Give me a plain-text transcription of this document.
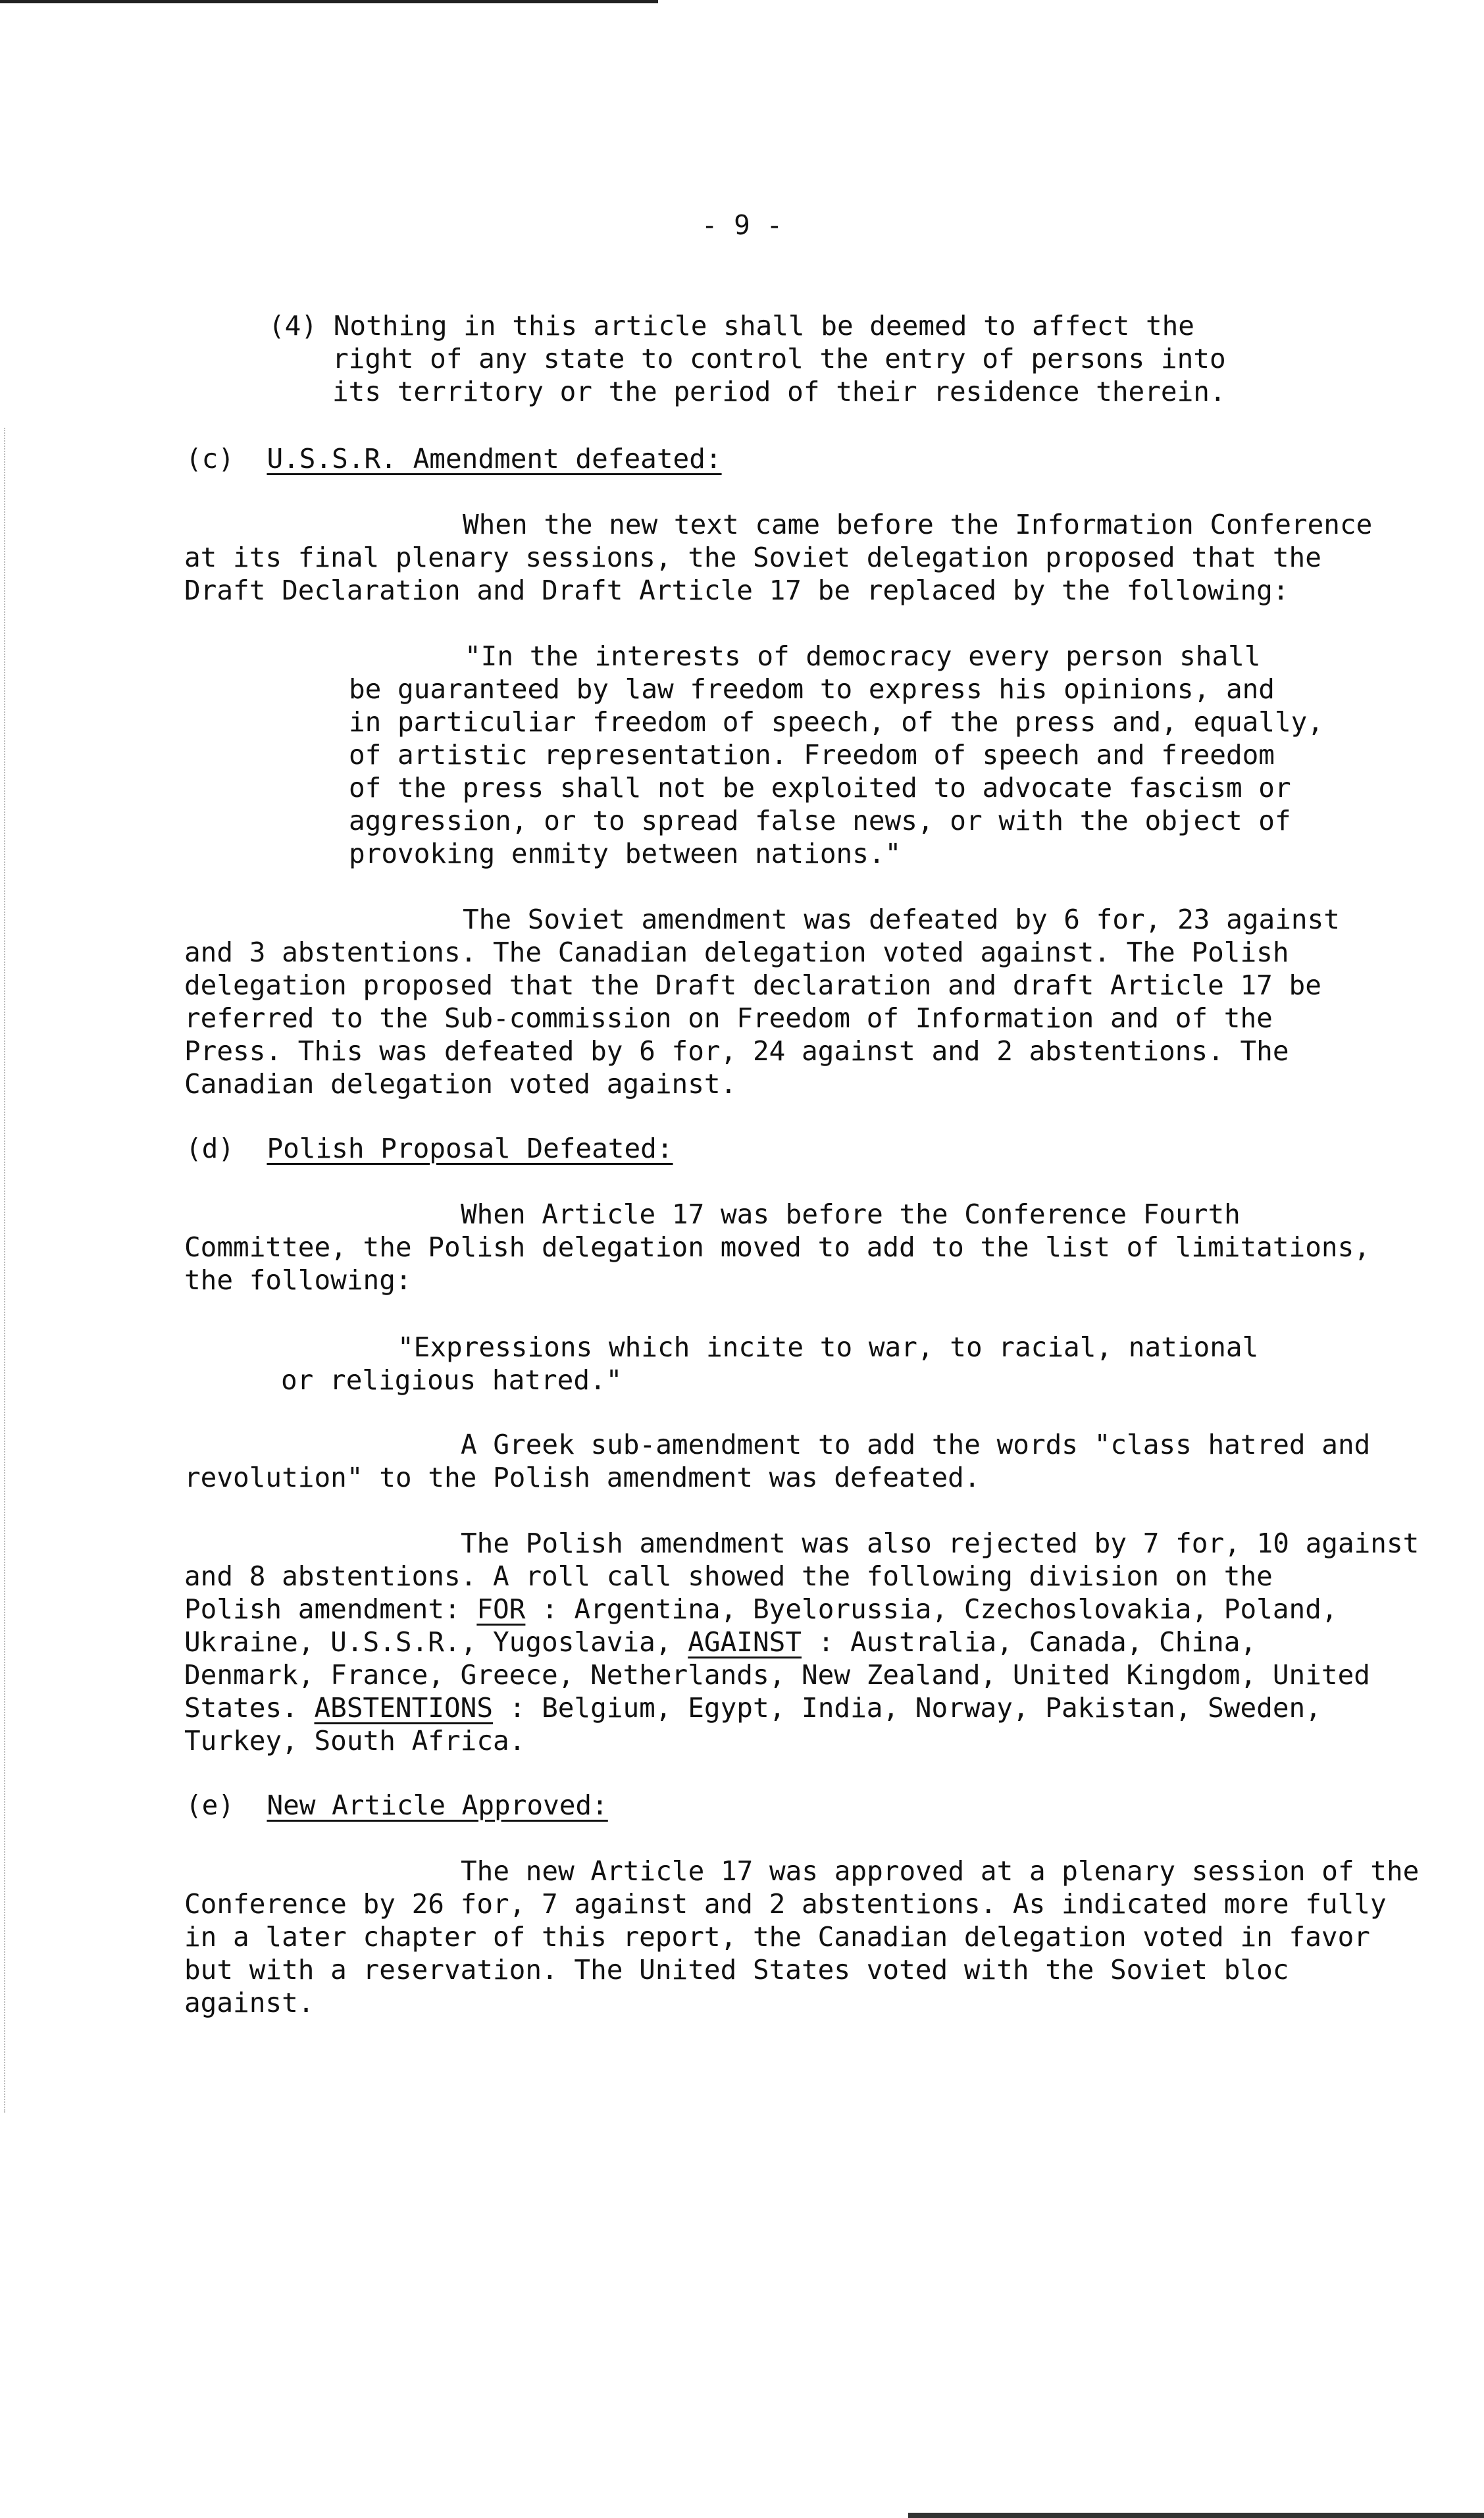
- 9 -
(4) Nothing in this article shall be deemed to affect the
right of any state to control the entry of persons into
its territory or the period of their residence therein.
(c) U.S.S.R. Amendment defeated:
When the new text came before the Information Conference
at its final plenary sessions, the Soviet delegation proposed that the
Draft Declaration and Draft Article 17 be replaced by the following:
"In the interests of democracy every person shall
be guaranteed by law freedom to express his opinions, and
in particuliar freedom of speech, of the press and, equally,
of artistic representation. Freedom of speech and freedom
of the press shall not be exploited to advocate fascism or
aggression, or to spread false news, or with the object of
provoking enmity between nations."
The Soviet amendment was defeated by 6 for, 23 against
and 3 abstentions. The Canadian delegation voted against. The Polish
delegation proposed that the Draft declaration and draft Article 17 be
referred to the Sub-commission on Freedom of Information and of the
Press. This was defeated by 6 for, 24 against and 2 abstentions. The
Canadian delegation voted against.
(d) Polish Proposal Defeated:
When Article 17 was before the Conference Fourth
Committee, the Polish delegation moved to add to the list of limitations,
the following:
"Expressions which incite to war, to racial, national
or religious hatred."
A Greek sub-amendment to add the words "class hatred and
revolution" to the Polish amendment was defeated.
The Polish amendment was also rejected by 7 for, 10 against
and 8 abstentions. A roll call showed the following division on the
Polish amendment: FOR : Argentina, Byelorussia, Czechoslovakia, Poland,
Ukraine, U.S.S.R., Yugoslavia, AGAINST : Australia, Canada, China,
Denmark, France, Greece, Netherlands, New Zealand, United Kingdom, United
States. ABSTENTIONS : Belgium, Egypt, India, Norway, Pakistan, Sweden,
Turkey, South Africa.
(e) New Article Approved:
The new Article 17 was approved at a plenary session of the
Conference by 26 for, 7 against and 2 abstentions. As indicated more fully
in a later chapter of this report, the Canadian delegation voted in favor
but with a reservation. The United States voted with the Soviet bloc
against.
